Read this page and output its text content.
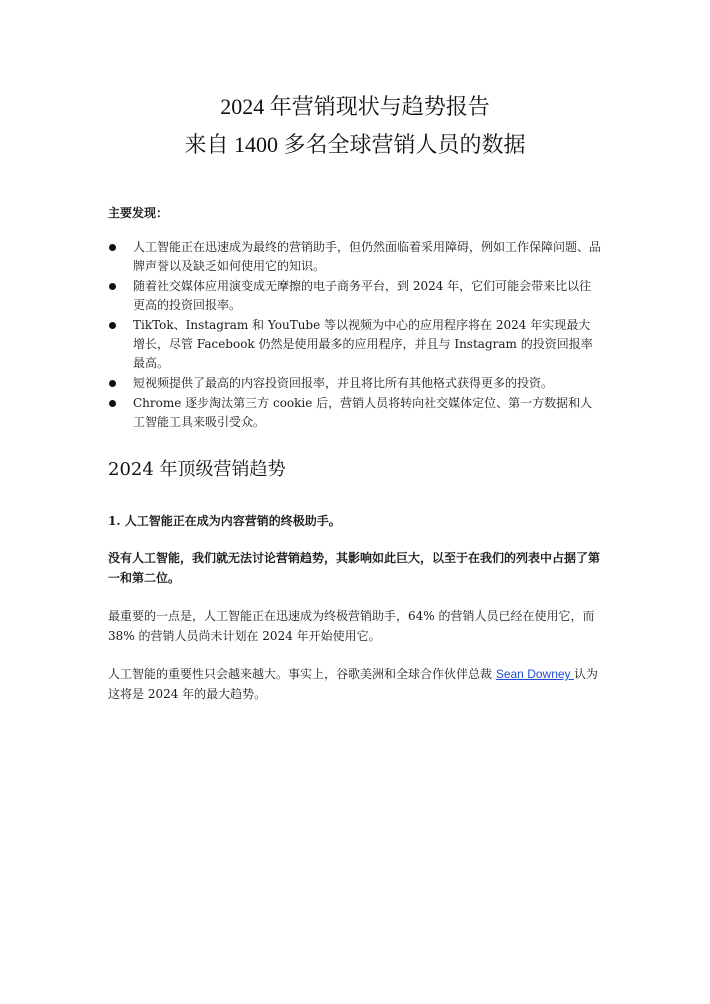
2024 年营销现状与趋势报告
来自 1400 多名全球营销人员的数据
主要发现：
人工智能正在迅速成为最终的营销助手，但仍然面临着采用障碍，例如工作保障问题、品牌声誉以及缺乏如何使用它的知识。
随着社交媒体应用演变成无摩擦的电子商务平台，到 2024 年，它们可能会带来比以往更高的投资回报率。
TikTok、Instagram 和 YouTube 等以视频为中心的应用程序将在 2024 年实现最大增长，尽管 Facebook 仍然是使用最多的应用程序，并且与 Instagram 的投资回报率最高。
短视频提供了最高的内容投资回报率，并且将比所有其他格式获得更多的投资。
Chrome 逐步淘汰第三方 cookie 后，营销人员将转向社交媒体定位、第一方数据和人工智能工具来吸引受众。
2024 年顶级营销趋势
1. 人工智能正在成为内容营销的终极助手。
没有人工智能，我们就无法讨论营销趋势，其影响如此巨大，以至于在我们的列表中占据了第一和第二位。
最重要的一点是，人工智能正在迅速成为终极营销助手，64% 的营销人员已经在使用它，而 38% 的营销人员尚未计划在 2024 年开始使用它。
人工智能的重要性只会越来越大。事实上，谷歌美洲和全球合作伙伴总裁 Sean Downey 认为这将是 2024 年的最大趋势。
